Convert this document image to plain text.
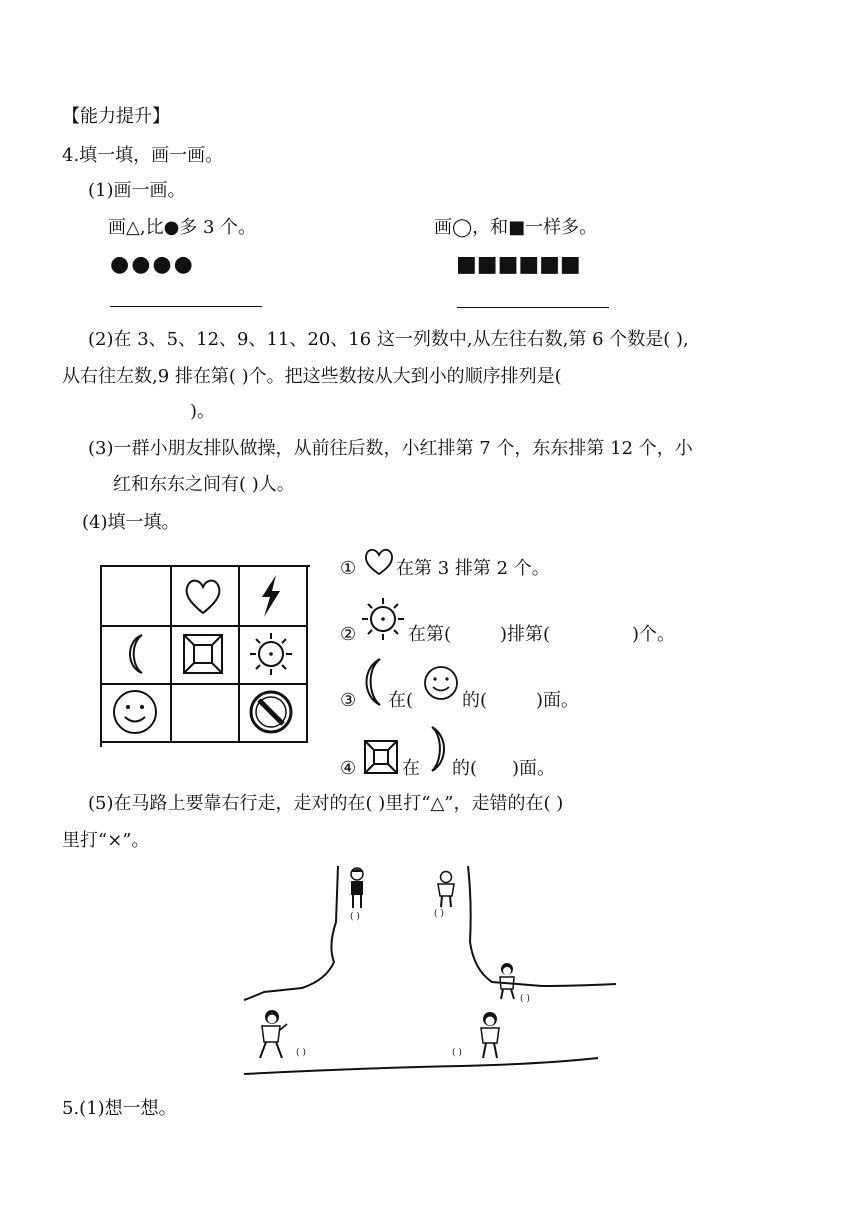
【能力提升】
4.填一填，画一画。
(1)画一画。
画△,比●多 3 个。
●●●●
画◯，和■一样多。
■■■■■■
(2)在 3、5、12、9、11、20、16 这一列数中,从左往右数,第 6 个数是( ),
从右往左数,9 排在第( )个。把这些数按从大到小的顺序排列是(
)。
(3)一群小朋友排队做操，从前往后数，小红排第 7 个，东东排第 12 个，小
红和东东之间有( )人。
(4)填一填。
① 在第 3 排第 2 个。
②	在第(	)排第(	)个。
③ 在(	的(	)面。
④	在 的( )面。
(5)在马路上要靠右行走，走对的在( )里打“△”，走错的在( )
里打“×”。
( )	( )
( )
( )	( )
5.(1)想一想。
